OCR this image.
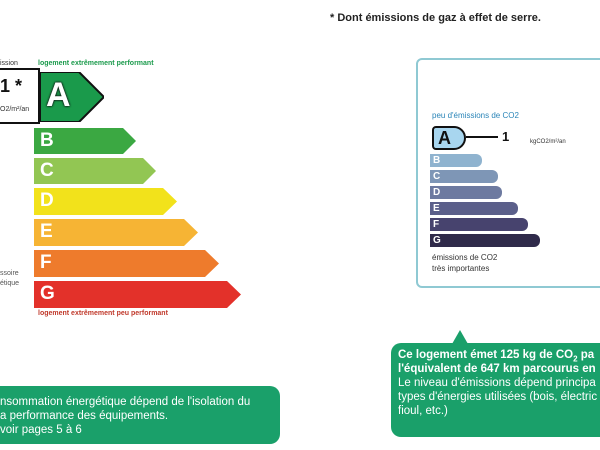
* Dont émissions de gaz à effet de serre.
ission	logement extrêmement performant
1 *
O2/m²/an A
B
C
D
E
F
G
ssoire
étique
logement extrêmement peu performant
peu d'émissions de CO2
A
B
C
D
E
F
G
1	kgCO2/m²/an
émissions de CO2
très importantes
nsommation énergétique dépend de l'isolation du
a performance des équipements.
voir pages 5 à 6
Ce logement émet 125 kg de $CO_2$ pa
l'équivalent de 647 km parcourus en
Le niveau d'émissions dépend principa
types d'énergies utilisées (bois, électric
fioul, etc.)
